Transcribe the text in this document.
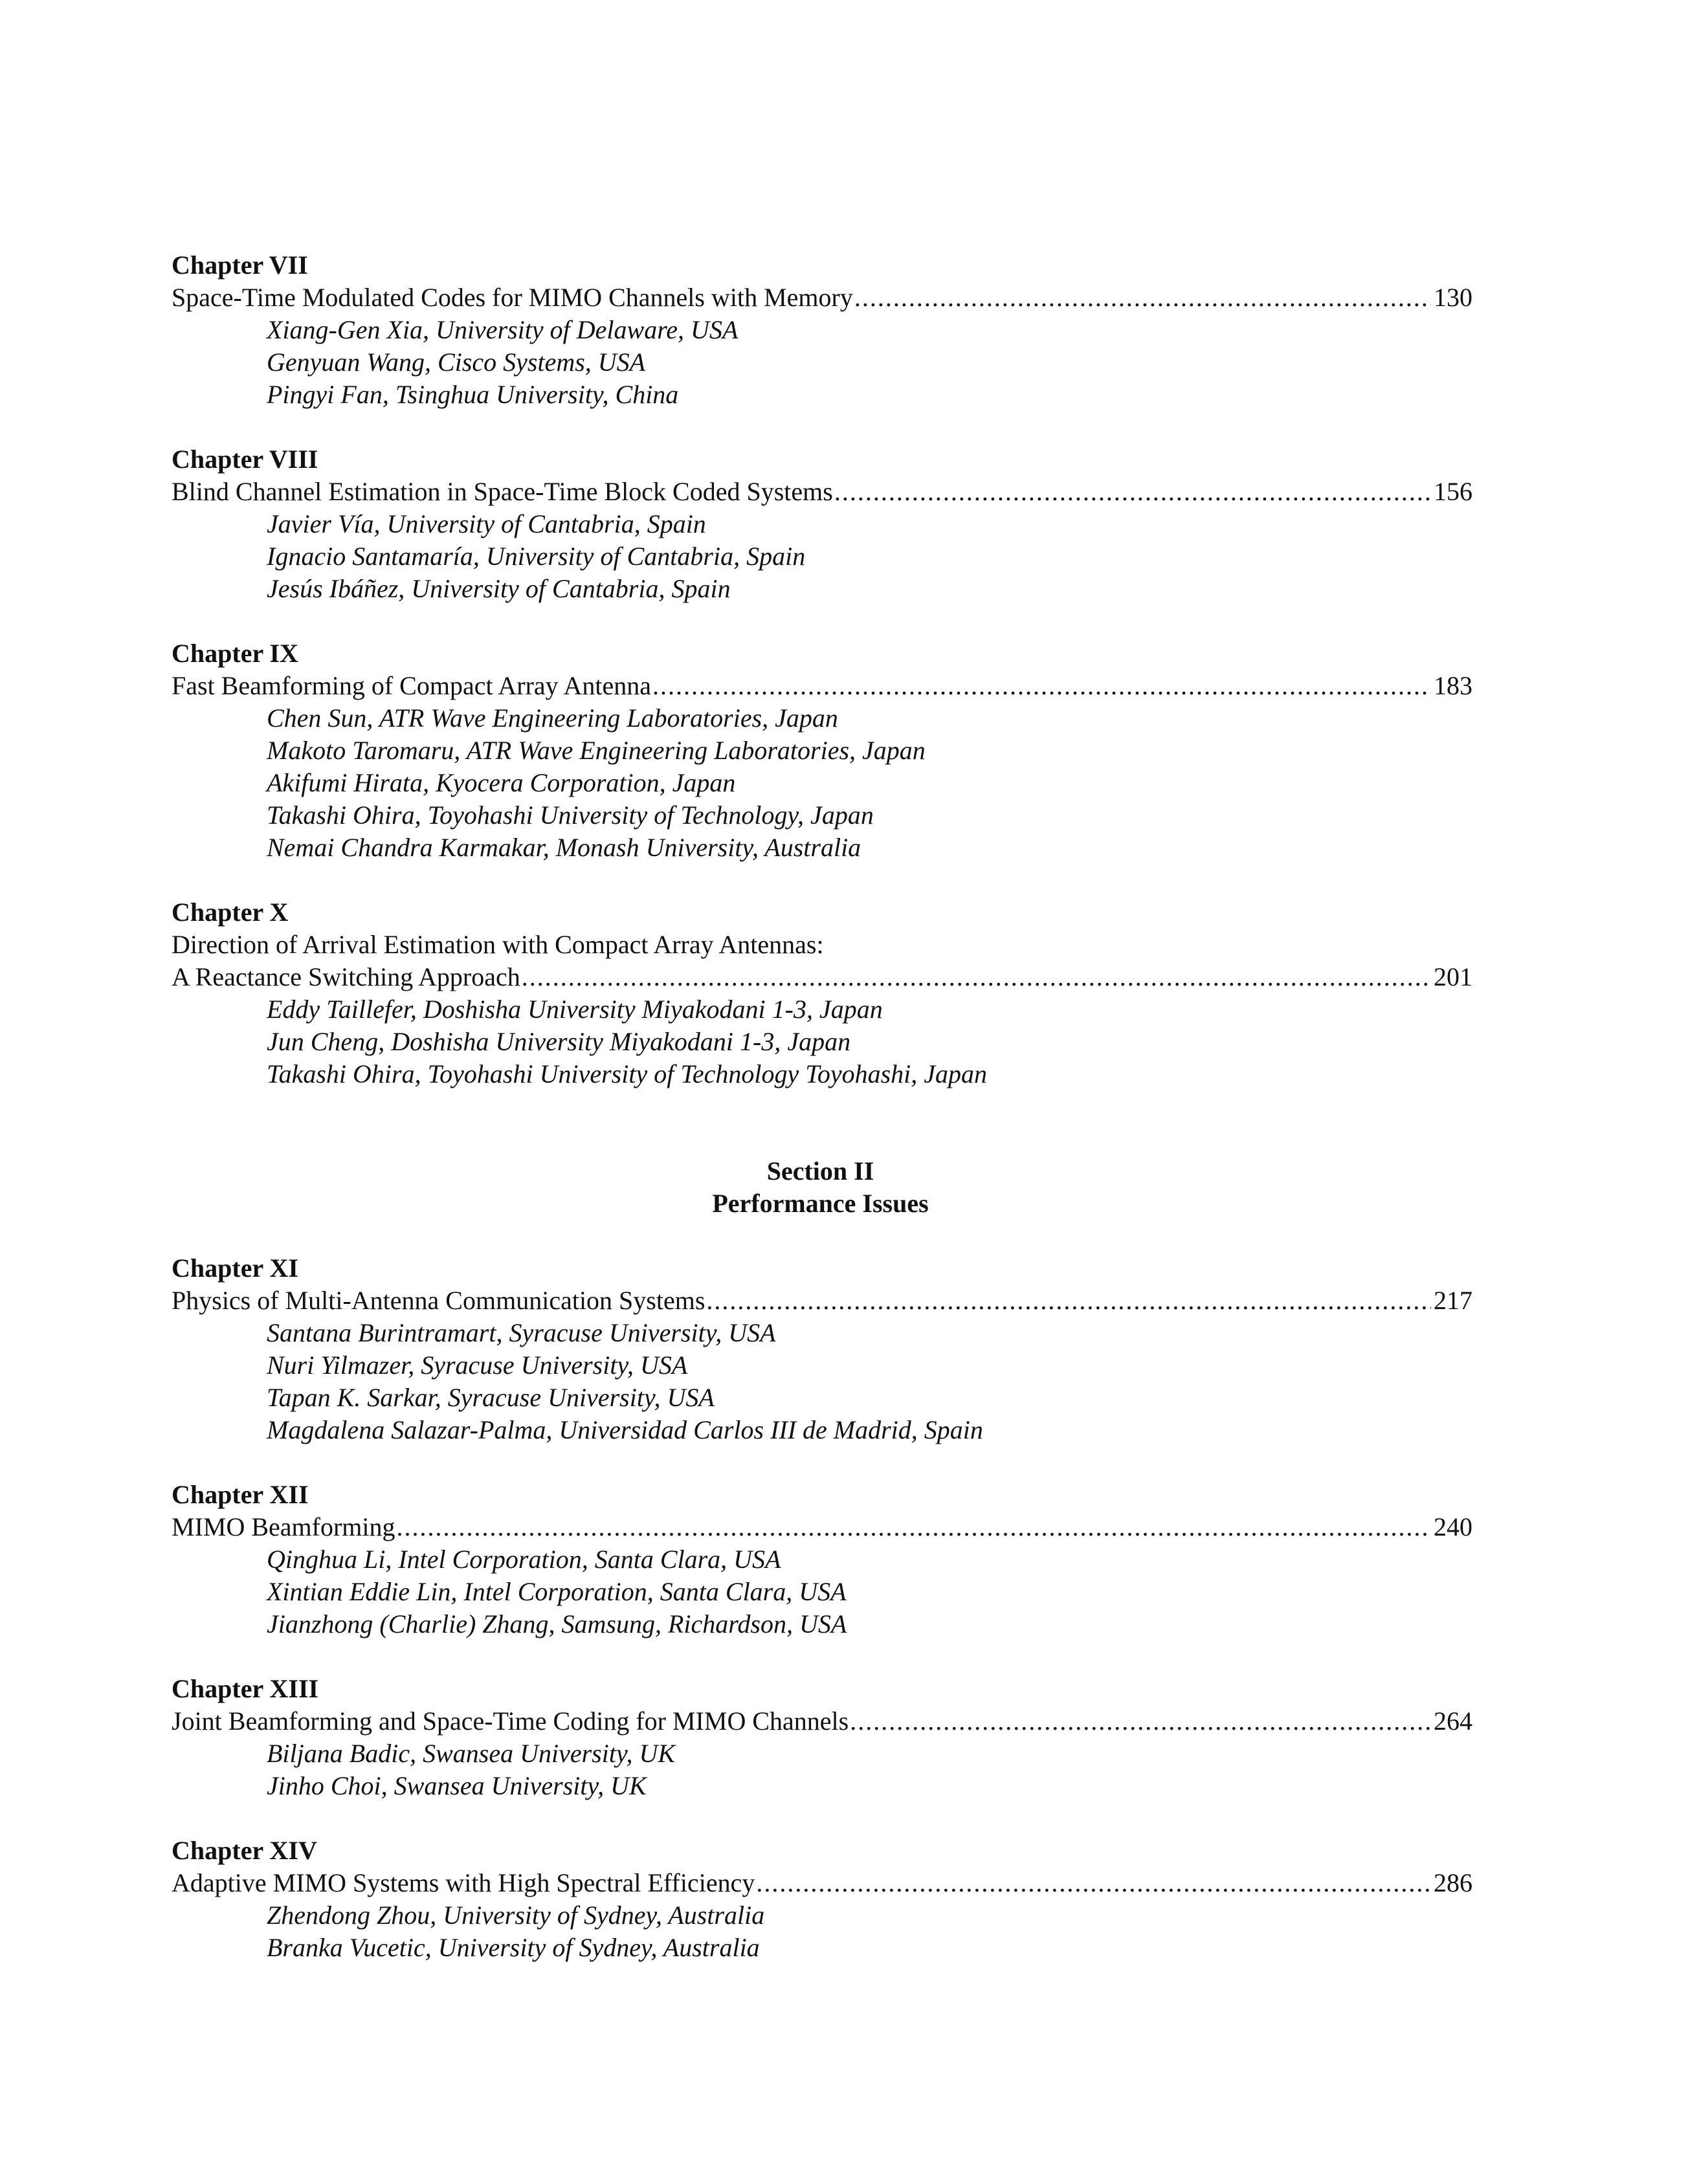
Chapter VII
Space-Time Modulated Codes for MIMO Channels with Memory .....	130
Xiang-Gen Xia, University of Delaware, USA
Genyuan Wang, Cisco Systems, USA
Pingyi Fan, Tsinghua University, China
Chapter VIII
Blind Channel Estimation in Space-Time Block Coded Systems .....	156
Javier Vía, University of Cantabria, Spain
Ignacio Santamaría, University of Cantabria, Spain
Jesús Ibáñez, University of Cantabria, Spain
Chapter IX
Fast Beamforming of Compact Array Antenna .....	183
Chen Sun, ATR Wave Engineering Laboratories, Japan
Makoto Taromaru, ATR Wave Engineering Laboratories, Japan
Akifumi Hirata, Kyocera Corporation, Japan
Takashi Ohira, Toyohashi University of Technology, Japan
Nemai Chandra Karmakar, Monash University, Australia
Chapter X
Direction of Arrival Estimation with Compact Array Antennas:
A Reactance Switching Approach .....	201
Eddy Taillefer, Doshisha University Miyakodani 1-3, Japan
Jun Cheng, Doshisha University Miyakodani 1-3, Japan
Takashi Ohira, Toyohashi University of Technology Toyohashi, Japan
Section II
Performance Issues
Chapter XI
Physics of Multi-Antenna Communication Systems .....	217
Santana Burintramart, Syracuse University, USA
Nuri Yilmazer, Syracuse University, USA
Tapan K. Sarkar, Syracuse University, USA
Magdalena Salazar-Palma, Universidad Carlos III de Madrid, Spain
Chapter XII
MIMO Beamforming .....	240
Qinghua Li, Intel Corporation, Santa Clara, USA
Xintian Eddie Lin, Intel Corporation, Santa Clara, USA
Jianzhong (Charlie) Zhang, Samsung, Richardson, USA
Chapter XIII
Joint Beamforming and Space-Time Coding for MIMO Channels .....	264
Biljana Badic, Swansea University, UK
Jinho Choi, Swansea University, UK
Chapter XIV
Adaptive MIMO Systems with High Spectral Efficiency .....	286
Zhendong Zhou, University of Sydney, Australia
Branka Vucetic, University of Sydney, Australia
